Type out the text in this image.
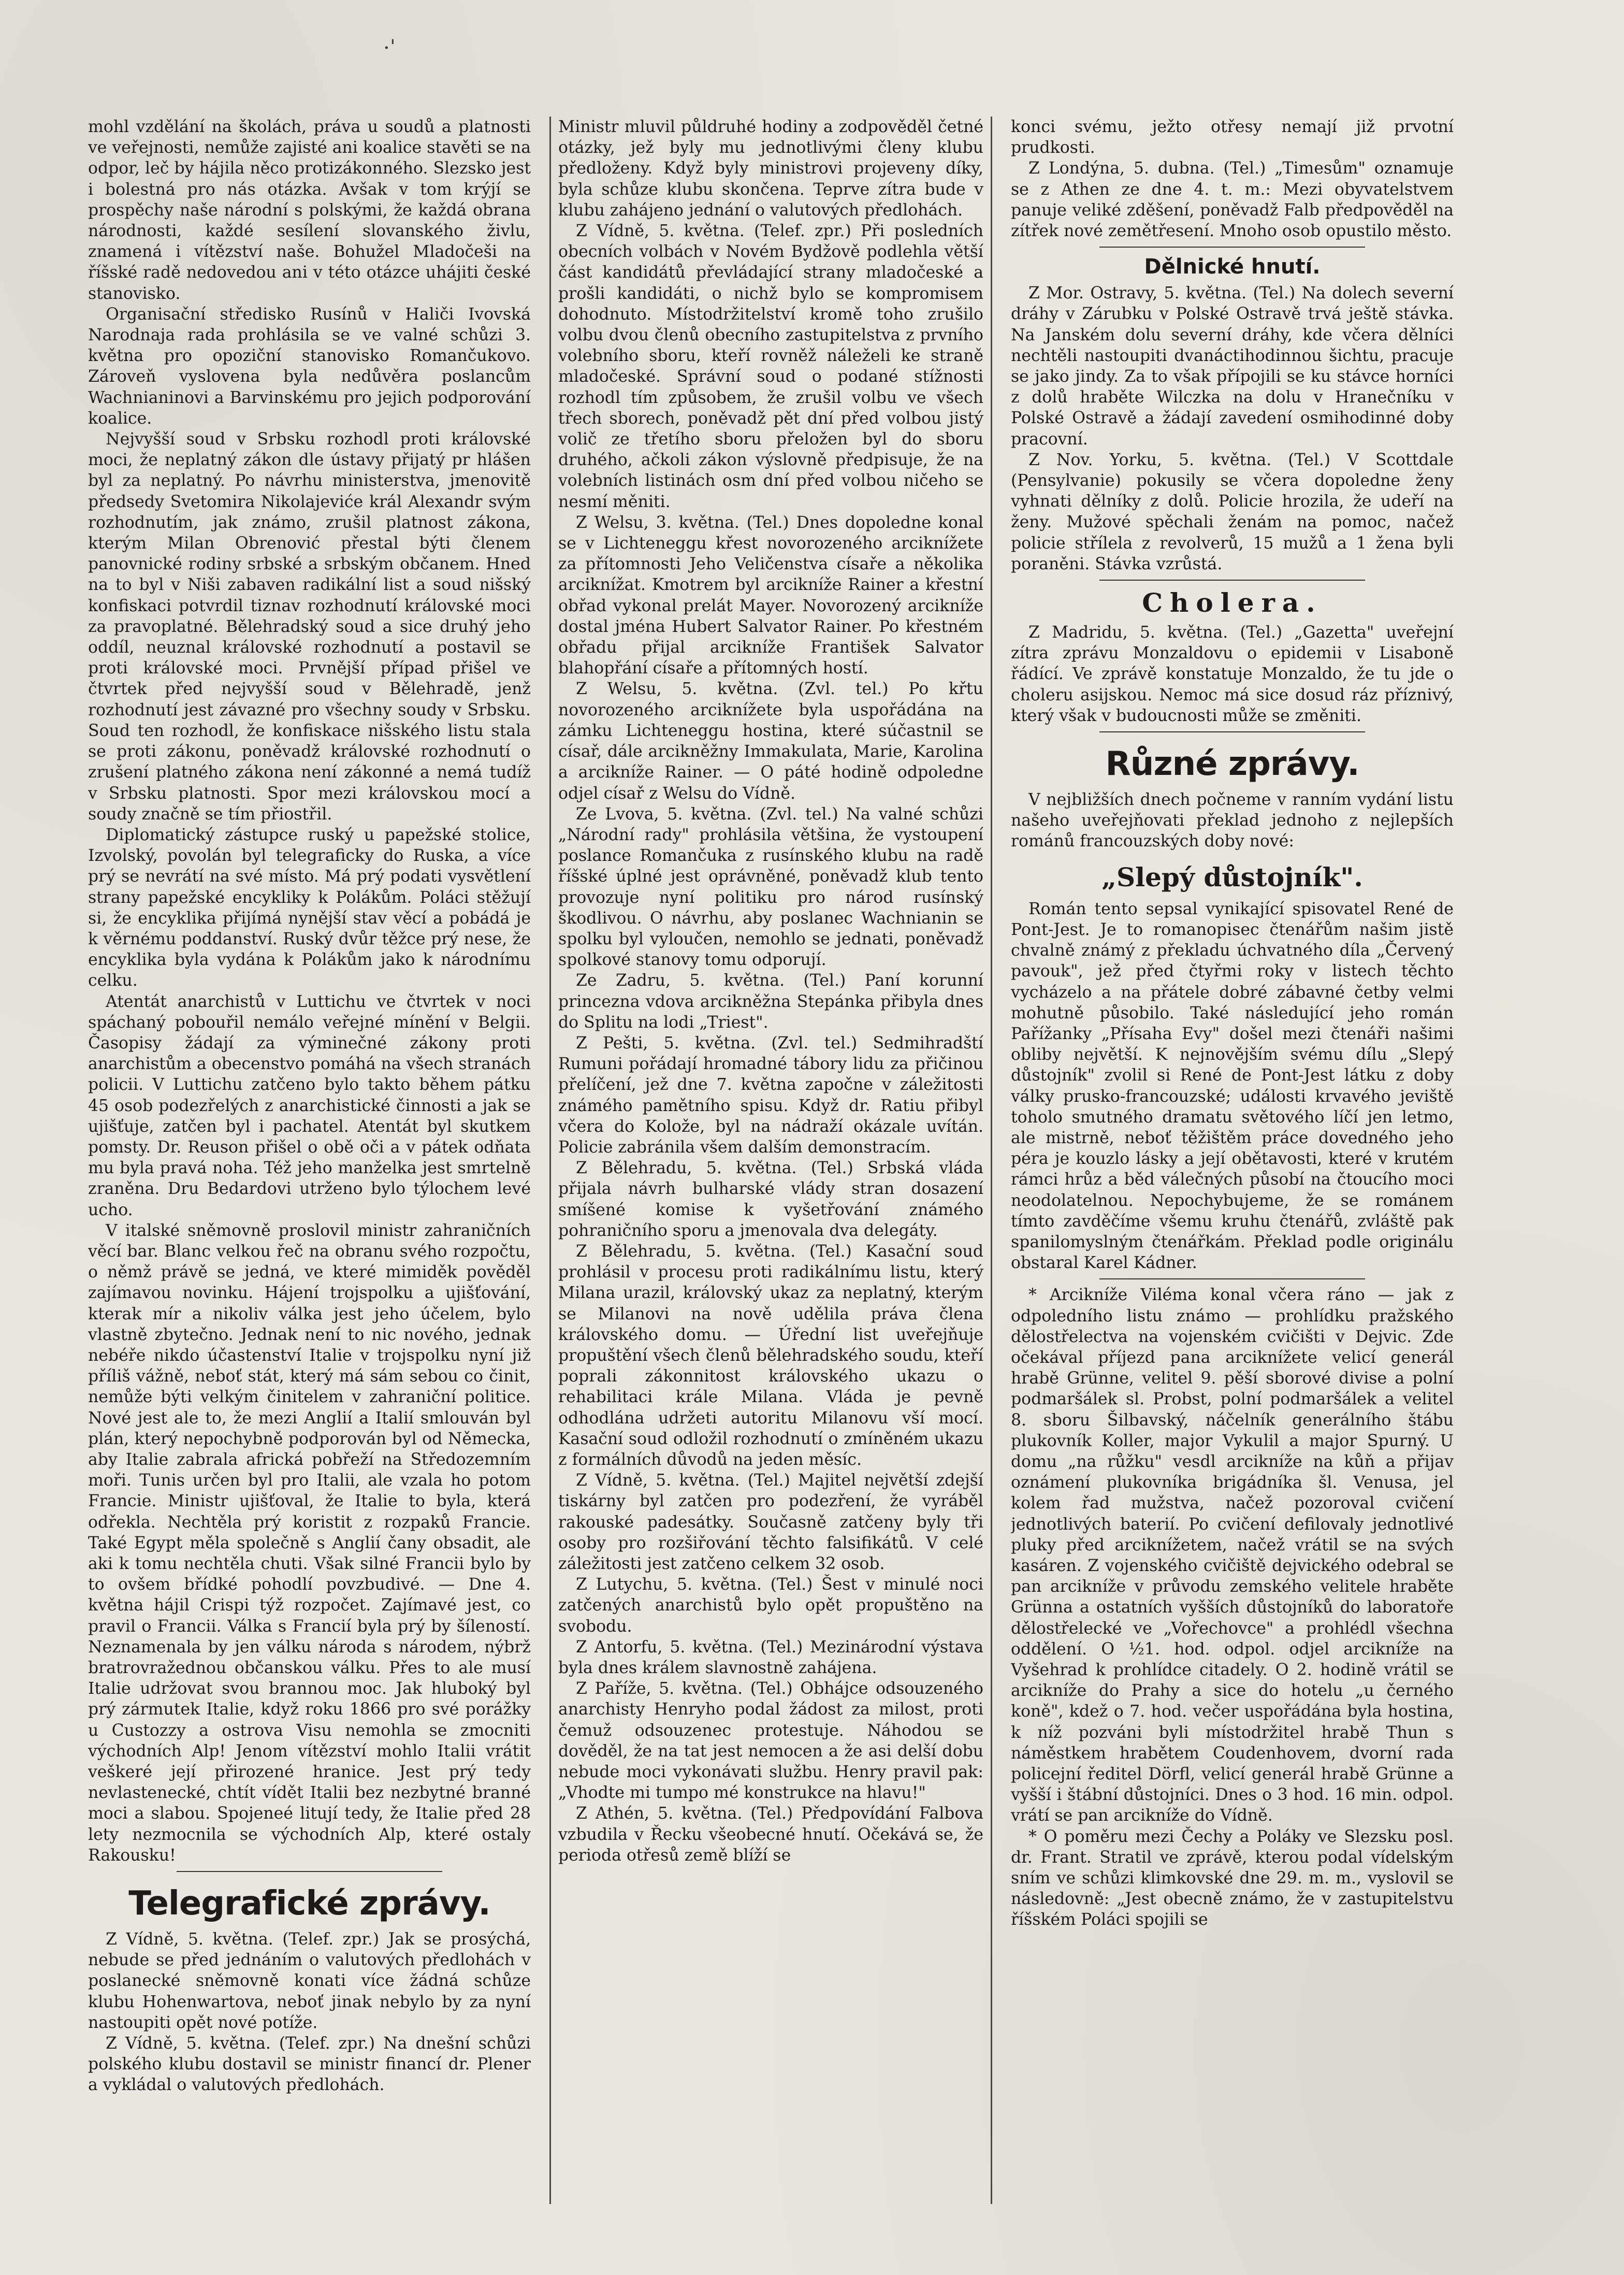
·ˈ

mohl vzdělání na školách, práva u soudů a platnosti ve veřejnosti, nemůže zajisté ani koalice stavěti se na odpor, leč by hájila něco protizákonného. Slezsko jest i bolestná pro nás otázka. Avšak v tom krýjí se prospěchy naše národní s polskými, že každá obrana národnosti, každé sesílení slovanského živlu, znamená i vítězství naše. Bohužel Mladočeši na říšské radě nedovedou ani v této otázce uhájiti české stanovisko.

Organisační středisko Rusínů v Haliči Ivovská Narodnaja rada prohlásila se ve valné schůzi 3. května pro opoziční stanovisko Romančukovo. Zároveň vyslovena byla nedůvěra poslancům Wachnianinovi a Barvinskému pro jejich podporování koalice.

Nejvyšší soud v Srbsku rozhodl proti královské moci, že neplatný zákon dle ústavy přijatý pr hlášen byl za neplatný. Po návrhu ministerstva, jmenovitě předsedy Svetomira Nikolajeviće král Alexandr svým rozhodnutím, jak známo, zrušil platnost zákona, kterým Milan Obrenović přestal býti členem panovnické rodiny srbské a srbským občanem. Hned na to byl v Niši zabaven radikální list a soud nišský konfiskaci potvrdil tiznav rozhodnutí královské moci za pravoplatné. Bělehradský soud a sice druhý jeho oddíl, neuznal královské rozhodnutí a postavil se proti královské moci. Prvnější případ přišel ve čtvrtek před nejvyšší soud v Bělehradě, jenž rozhodnutí jest závazné pro všechny soudy v Srbsku. Soud ten rozhodl, že konfiskace nišského listu stala se proti zákonu, poněvadž královské rozhodnutí o zrušení platného zákona není zákonné a nemá tudíž v Srbsku platnosti. Spor mezi královskou mocí a soudy značně se tím přiostřil.

Diplomatický zástupce ruský u papežské stolice, Izvolský, povolán byl telegraficky do Ruska, a více prý se nevrátí na své místo. Má prý podati vysvětlení strany papežské encykliky k Polákům. Poláci stěžují si, že encyklika přijímá nynější stav věcí a pobádá je k věrnému poddanství. Ruský dvůr těžce prý nese, že encyklika byla vydána k Polákům jako k národnímu celku.

Atentát anarchistů v Luttichu ve čtvrtek v noci spáchaný pobouřil nemálo veřejné mínění v Belgii. Časopisy žádají za výminečné zákony proti anarchistům a obecenstvo pomáhá na všech stranách policii. V Luttichu zatčeno bylo takto během pátku 45 osob podezřelých z anarchistické činnosti a jak se ujišťuje, zatčen byl i pachatel. Atentát byl skutkem pomsty. Dr. Reuson přišel o obě oči a v pátek odňata mu byla pravá noha. Též jeho manželka jest smrtelně zraněna. Dru Bedardovi utrženo bylo týlochem levé ucho.

V italské sněmovně proslovil ministr zahraničních věcí bar. Blanc velkou řeč na obranu svého rozpočtu, o němž právě se jedná, ve které mimiděk pověděl zajímavou novinku. Hájení trojspolku a ujišťování, kterak mír a nikoliv válka jest jeho účelem, bylo vlastně zbytečno. Jednak není to nic nového, jednak nebéře nikdo účastenství Italie v trojspolku nyní již příliš vážně, neboť stát, který má sám sebou co činit, nemůže býti velkým činitelem v zahraniční politice. Nové jest ale to, že mezi Anglií a Italií smlouván byl plán, který nepochybně podporován byl od Německa, aby Italie zabrala africká pobřeží na Středozemním moři. Tunis určen byl pro Italii, ale vzala ho potom Francie. Ministr ujišťoval, že Italie to byla, která odřekla. Nechtěla prý koristit z rozpaků Francie. Také Egypt měla společně s Anglií čany obsadit, ale aki k tomu nechtěla chuti. Však silné Francii bylo by to ovšem břídké pohodlí povzbudivé. — Dne 4. května hájil Crispi týž rozpočet. Zajímavé jest, co pravil o Francii. Válka s Francií byla prý by šíleností. Neznamenala by jen válku národa s národem, nýbrž bratrovražednou občanskou válku. Přes to ale musí Italie udržovat svou brannou moc. Jak hluboký byl prý zármutek Italie, když roku 1866 pro své porážky u Custozzy a ostrova Visu nemohla se zmocniti východních Alp! Jenom vítězství mohlo Italii vrátit veškeré její přirozené hranice. Jest prý tedy nevlastenecké, chtít vídět Italii bez nezbytné branné moci a slabou. Spojeneé litují tedy, že Italie před 28 lety nezmocnila se východních Alp, které ostaly Rakousku!

Telegrafické zprávy.

Z Vídně, 5. května. (Telef. zpr.) Jak se prosýchá, nebude se před jednáním o valutových předlohách v poslanecké sněmovně konati více žádná schůze klubu Hohenwartova, neboť jinak nebylo by za nyní nastoupiti opět nové potíže.

Z Vídně, 5. května. (Telef. zpr.) Na dnešní schůzi polského klubu dostavil se ministr financí dr. Plener a vykládal o valutových předlohách.

Ministr mluvil půldruhé hodiny a zodpověděl četné otázky, jež byly mu jednotlivými členy klubu předloženy. Když byly ministrovi projeveny díky, byla schůze klubu skončena. Teprve zítra bude v klubu zahájeno jednání o valutových předlohách.

Z Vídně, 5. května. (Telef. zpr.) Při posledních obecních volbách v Novém Bydžově podlehla větší část kandidátů převládající strany mladočeské a prošli kandidáti, o nichž bylo se kompromisem dohodnuto. Místodržitelství kromě toho zrušilo volbu dvou členů obecního zastupitelstva z prvního volebního sboru, kteří rovněž náleželi ke straně mladočeské. Správní soud o podané stížnosti rozhodl tím způsobem, že zrušil volbu ve všech třech sborech, poněvadž pět dní před volbou jistý volič ze třetího sboru přeložen byl do sboru druhého, ačkoli zákon výslovně předpisuje, že na volebních listinách osm dní před volbou ničeho se nesmí měniti.

Z Welsu, 3. května. (Tel.) Dnes dopoledne konal se v Lichteneggu křest novorozeného arciknížete za přítomnosti Jeho Veličenstva císaře a několika arciknížat. Kmotrem byl arcikníže Rainer a křestní obřad vykonal prelát Mayer. Novorozený arcikníže dostal jména Hubert Salvator Rainer. Po křestném obřadu přijal arcikníže František Salvator blahopřání císaře a přítomných hostí.

Z Welsu, 5. května. (Zvl. tel.) Po křtu novorozeného arciknížete byla uspořádána na zámku Lichteneggu hostina, které súčastnil se císař, dále arcikněžny Immakulata, Marie, Karolina a arcikníže Rainer. — O páté hodině odpoledne odjel císař z Welsu do Vídně.

Ze Lvova, 5. května. (Zvl. tel.) Na valné schůzi „Národní rady" prohlásila většina, že vystoupení poslance Romančuka z rusínského klubu na radě říšské úplné jest oprávněné, poněvadž klub tento provozuje nyní politiku pro národ rusínský škodlivou. O návrhu, aby poslanec Wachnianin se spolku byl vyloučen, nemohlo se jednati, poněvadž spolkové stanovy tomu odporují.

Ze Zadru, 5. května. (Tel.) Paní korunní princezna vdova arcikněžna Stepánka přibyla dnes do Splitu na lodi „Triest".

Z Pešti, 5. května. (Zvl. tel.) Sedmihradští Rumuni pořádají hromadné tábory lidu za přičinou přelíčení, jež dne 7. května započne v záležitosti známého pamětního spisu. Když dr. Ratiu přibyl včera do Kolože, byl na nádraží okázale uvítán. Policie zabránila všem dalším demonstracím.

Z Bělehradu, 5. května. (Tel.) Srbská vláda přijala návrh bulharské vlády stran dosazení smíšené komise k vyšetřování známého pohraničního sporu a jmenovala dva delegáty.

Z Bělehradu, 5. května. (Tel.) Kasační soud prohlásil v procesu proti radikálnímu listu, který Milana urazil, královský ukaz za neplatný, kterým se Milanovi na nově udělila práva člena královského domu. — Úřední list uveřejňuje propuštění všech členů bělehradského soudu, kteří poprali zákonnitost královského ukazu o rehabilitaci krále Milana. Vláda je pevně odhodlána udržeti autoritu Milanovu vší mocí. Kasační soud odložil rozhodnutí o zmíněném ukazu z formálních důvodů na jeden měsíc.

Z Vídně, 5. května. (Tel.) Majitel největší zdejší tiskárny byl zatčen pro podezření, že vyráběl rakouské padesátky. Současně zatčeny byly tři osoby pro rozšiřování těchto falsifikátů. V celé záležitosti jest zatčeno celkem 32 osob.

Z Lutychu, 5. května. (Tel.) Šest v minulé noci zatčených anarchistů bylo opět propuštěno na svobodu.

Z Antorfu, 5. května. (Tel.) Mezinárodní výstava byla dnes králem slavnostně zahájena.

Z Paříže, 5. května. (Tel.) Obhájce odsouzeného anarchisty Henryho podal žádost za milost, proti čemuž odsouzenec protestuje. Náhodou se dověděl, že na tat jest nemocen a že asi delší dobu nebude moci vykonávati službu. Henry pravil pak: „Vhodte mi tumpo mé konstrukce na hlavu!"

Z Athén, 5. května. (Tel.) Předpovídání Falbova vzbudila v Řecku všeobecné hnutí. Očekává se, že perioda otřesů země blíží se

konci svému, ježto otřesy nemají již prvotní prudkosti.

Z Londýna, 5. dubna. (Tel.) „Timesům" oznamuje se z Athen ze dne 4. t. m.: Mezi obyvatelstvem panuje veliké zděšení, poněvadž Falb předpověděl na zítřek nové zemětřesení. Mnoho osob opustilo město.

Dělnické hnutí.

Z Mor. Ostravy, 5. května. (Tel.) Na dolech severní dráhy v Zárubku v Polské Ostravě trvá ještě stávka. Na Janském dolu severní dráhy, kde včera dělníci nechtěli nastoupiti dvanáctihodinnou šichtu, pracuje se jako jindy. Za to však přípojili se ku stávce horníci z dolů hraběte Wilczka na dolu v Hranečníku v Polské Ostravě a žádají zavedení osmihodinné doby pracovní.

Z Nov. Yorku, 5. května. (Tel.) V Scottdale (Pensylvanie) pokusily se včera dopoledne ženy vyhnati dělníky z dolů. Policie hrozila, že udeří na ženy. Mužové spěchali ženám na pomoc, načež policie střílela z revolverů, 15 mužů a 1 žena byli poraněni. Stávka vzrůstá.

Cholera.

Z Madridu, 5. května. (Tel.) „Gazetta" uveřejní zítra zprávu Monzaldovu o epidemii v Lisaboně řádící. Ve zprávě konstatuje Monzaldo, že tu jde o choleru asijskou. Nemoc má sice dosud ráz příznivý, který však v budoucnosti může se změniti.

Různé zprávy.

V nejbližších dnech počneme v ranním vydání listu našeho uveřejňovati překlad jednoho z nejlepších románů francouzských doby nové:

„Slepý důstojník".

Román tento sepsal vynikající spisovatel René de Pont-Jest. Je to romanopisec čtenářům našim jistě chvalně známý z překladu úchvatného díla „Červený pavouk", jež před čtyřmi roky v listech těchto vycházelo a na přátele dobré zábavné četby velmi mohutně působilo. Také následující jeho román Pařížanky „Přísaha Evy" došel mezi čtenáři našimi obliby největší. K nejnovějším svému dílu „Slepý důstojník" zvolil si René de Pont-Jest látku z doby války prusko-francouzské; události krvavého jeviště toholo smutného dramatu světového líčí jen letmo, ale mistrně, neboť těžištěm práce dovedného jeho péra je kouzlo lásky a její obětavosti, které v krutém rámci hrůz a běd válečných působí na čtoucího moci neodolatelnou. Nepochybujeme, že se románem tímto zavděčíme všemu kruhu čtenářů, zvláště pak spanilomyslným čtenářkám. Překlad podle originálu obstaral Karel Kádner.

* Arcikníže Viléma konal včera ráno — jak z odpoledního listu známo — prohlídku pražského dělostřelectva na vojenském cvičišti v Dejvic. Zde očekával příjezd pana arciknížete velicí generál hrabě Grünne, velitel 9. pěší sborové divise a polní podmaršálek sl. Probst, polní podmaršálek a velitel 8. sboru Šilbavský, náčelník generálního štábu plukovník Koller, major Vykulil a major Spurný. U domu „na růžku" vesdl arcikníže na kůň a přijav oznámení plukovníka brigádníka šl. Venusa, jel kolem řad mužstva, načež pozoroval cvičení jednotlivých baterií. Po cvičení defilovaly jednotlivé pluky před arciknížetem, načež vrátil se na svých kasáren. Z vojenského cvičiště dejvického odebral se pan arcikníže v průvodu zemského velitele hraběte Grünna a ostatních vyšších důstojníků do laboratoře dělostřelecké ve „Vořechovce" a prohlédl všechna oddělení. O ½1. hod. odpol. odjel arcikníže na Vyšehrad k prohlídce citadely. O 2. hodině vrátil se arcikníže do Prahy a sice do hotelu „u černého koně", kdež o 7. hod. večer uspořádána byla hostina, k níž pozváni byli místodržitel hrabě Thun s náměstkem hrabětem Coudenhovem, dvorní rada policejní ředitel Dörfl, velicí generál hrabě Grünne a vyšší i štábní důstojníci. Dnes o 3 hod. 16 min. odpol. vrátí se pan arcikníže do Vídně.

* O poměru mezi Čechy a Poláky ve Slezsku posl. dr. Frant. Stratil ve zprávě, kterou podal vídelským sním ve schůzi klimkovské dne 29. m. m., vyslovil se následovně: „Jest obecně známo, že v zastupitelstvu říšském Poláci spojili se
